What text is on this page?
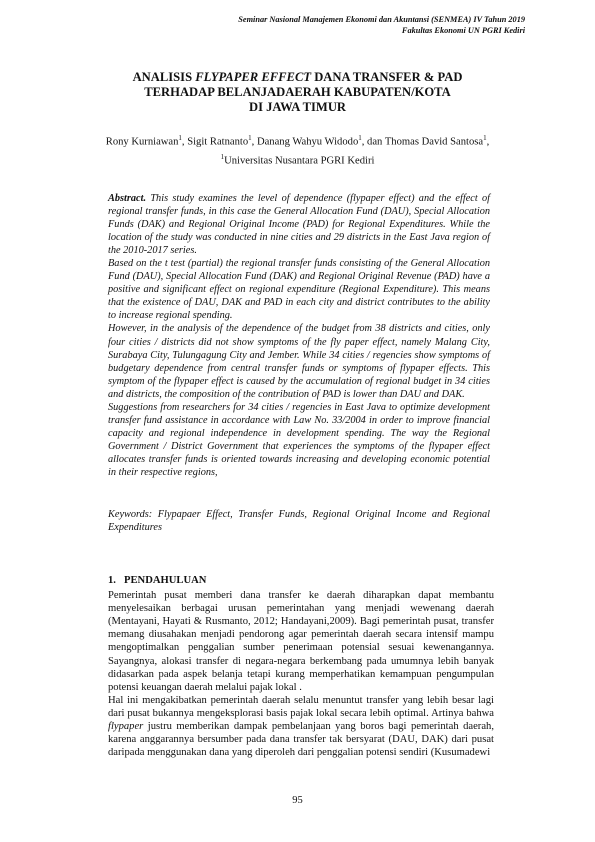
Seminar Nasional Manajemen Ekonomi dan Akuntansi (SENMEA) IV Tahun 2019
Fakultas Ekonomi UN PGRI Kediri
ANALISIS FLYPAPER EFFECT DANA TRANSFER & PAD
TERHADAP BELANJADAERAH KABUPATEN/KOTA
DI JAWA TIMUR
Rony Kurniawan$^1$, Sigit Ratnanto$^1$, Danang Wahyu Widodo$^1$, dan Thomas David Santosa$^1$,
$^1$Universitas Nusantara PGRI Kediri

Abstract. This study examines the level of dependence (flypaper effect) and the effect of regional transfer funds, in this case the General Allocation Fund (DAU), Special Allocation Funds (DAK) and Regional Original Income (PAD) for Regional Expenditures. While the location of the study was conducted in nine cities and 29 districts in the East Java region of the 2010-2017 series.

Based on the t test (partial) the regional transfer funds consisting of the General Allocation Fund (DAU), Special Allocation Fund (DAK) and Regional Original Revenue (PAD) have a positive and significant effect on regional expenditure (Regional Expenditure). This means that the existence of DAU, DAK and PAD in each city and district contributes to the ability to increase regional spending.

However, in the analysis of the dependence of the budget from 38 districts and cities, only four cities / districts did not show symptoms of the fly paper effect, namely Malang City, Surabaya City, Tulungagung City and Jember. While 34 cities / regencies show symptoms of budgetary dependence from central transfer funds or symptoms of flypaper effects. This symptom of the flypaper effect is caused by the accumulation of regional budget in 34 cities and districts, the composition of the contribution of PAD is lower than DAU and DAK.

Suggestions from researchers for 34 cities / regencies in East Java to optimize development transfer fund assistance in accordance with Law No. 33/2004 in order to improve financial capacity and regional independence in development spending. The way the Regional Government / District Government that experiences the symptoms of the flypaper effect allocates transfer funds is oriented towards increasing and developing economic potential in their respective regions,

Keywords: Flypapaer Effect, Transfer Funds, Regional Original Income and Regional Expenditures
1. PENDAHULUAN

Pemerintah pusat memberi dana transfer ke daerah diharapkan dapat membantu menyelesaikan berbagai urusan pemerintahan yang menjadi wewenang daerah (Mentayani, Hayati & Rusmanto, 2012; Handayani,2009). Bagi pemerintah pusat, transfer memang diusahakan menjadi pendorong agar pemerintah daerah secara intensif mampu mengoptimalkan penggalian sumber penerimaan potensial sesuai kewenangannya. Sayangnya, alokasi transfer di negara-negara berkembang pada umumnya lebih banyak didasarkan pada aspek belanja tetapi kurang memperhatikan kemampuan pengumpulan potensi keuangan daerah melalui pajak lokal .

Hal ini mengakibatkan pemerintah daerah selalu menuntut transfer yang lebih besar lagi dari pusat bukannya mengeksplorasi basis pajak lokal secara lebih optimal. Artinya bahwa flypaper justru memberikan dampak pembelanjaan yang boros bagi pemerintah daerah, karena anggarannya bersumber pada dana transfer tak bersyarat (DAU, DAK) dari pusat daripada menggunakan dana yang diperoleh dari penggalian potensi sendiri (Kusumadewi

95
